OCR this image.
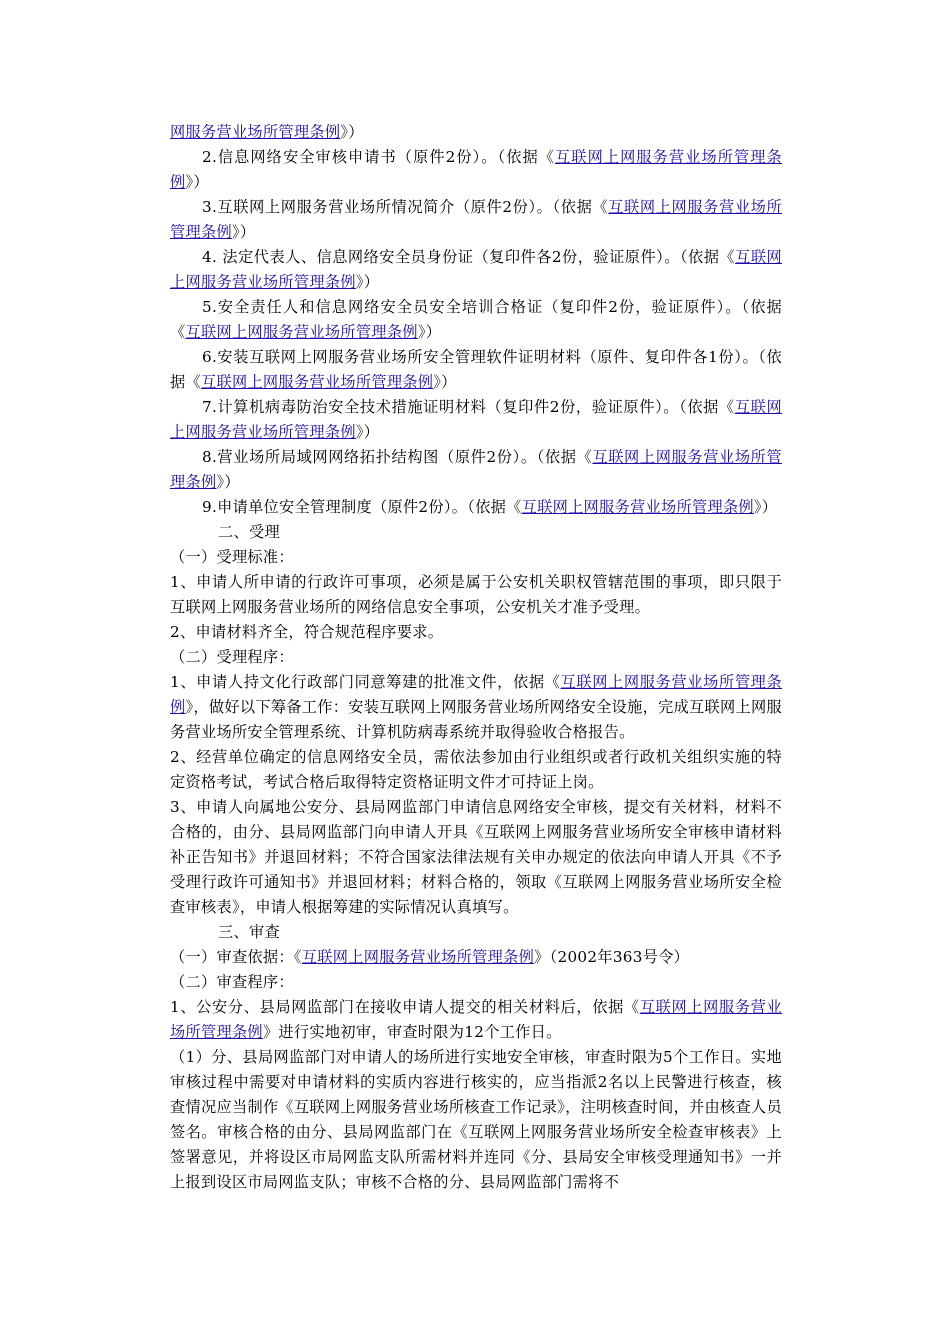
网服务营业场所管理条例》）

2.信息网络安全审核申请书（原件2份）。（依据《互联网上网服务营业场所管理条例》）

3.互联网上网服务营业场所情况简介（原件2份）。（依据《互联网上网服务营业场所管理条例》）

4. 法定代表人、信息网络安全员身份证（复印件各2份，验证原件）。（依据《互联网上网服务营业场所管理条例》）

5.安全责任人和信息网络安全员安全培训合格证（复印件2份，验证原件）。（依据《互联网上网服务营业场所管理条例》）

6.安装互联网上网服务营业场所安全管理软件证明材料（原件、复印件各1份）。（依据《互联网上网服务营业场所管理条例》）

7.计算机病毒防治安全技术措施证明材料（复印件2份，验证原件）。（依据《互联网上网服务营业场所管理条例》）

8.营业场所局域网网络拓扑结构图（原件2份）。（依据《互联网上网服务营业场所管理条例》）

9.申请单位安全管理制度（原件2份）。（依据《互联网上网服务营业场所管理条例》）

二、受理

（一）受理标准：

1、申请人所申请的行政许可事项，必须是属于公安机关职权管辖范围的事项，即只限于互联网上网服务营业场所的网络信息安全事项，公安机关才准予受理。

2、申请材料齐全，符合规范程序要求。

（二）受理程序：

1、申请人持文化行政部门同意筹建的批准文件，依据《互联网上网服务营业场所管理条例》，做好以下筹备工作：安装互联网上网服务营业场所网络安全设施，完成互联网上网服务营业场所安全管理系统、计算机防病毒系统并取得验收合格报告。

2、经营单位确定的信息网络安全员，需依法参加由行业组织或者行政机关组织实施的特定资格考试，考试合格后取得特定资格证明文件才可持证上岗。

3、申请人向属地公安分、县局网监部门申请信息网络安全审核，提交有关材料，材料不合格的，由分、县局网监部门向申请人开具《互联网上网服务营业场所安全审核申请材料补正告知书》并退回材料；不符合国家法律法规有关申办规定的依法向申请人开具《不予受理行政许可通知书》并退回材料；材料合格的，领取《互联网上网服务营业场所安全检查审核表》，申请人根据筹建的实际情况认真填写。

三、审查

（一）审查依据：《互联网上网服务营业场所管理条例》（2002年363号令）

（二）审查程序：

1、公安分、县局网监部门在接收申请人提交的相关材料后，依据《互联网上网服务营业场所管理条例》进行实地初审，审查时限为12个工作日。

（1）分、县局网监部门对申请人的场所进行实地安全审核，审查时限为5个工作日。实地审核过程中需要对申请材料的实质内容进行核实的，应当指派2名以上民警进行核查，核查情况应当制作《互联网上网服务营业场所核查工作记录》，注明核查时间，并由核查人员签名。审核合格的由分、县局网监部门在《互联网上网服务营业场所安全检查审核表》上签署意见，并将设区市局网监支队所需材料并连同《分、县局安全审核受理通知书》一并上报到设区市局网监支队；审核不合格的分、县局网监部门需将不
